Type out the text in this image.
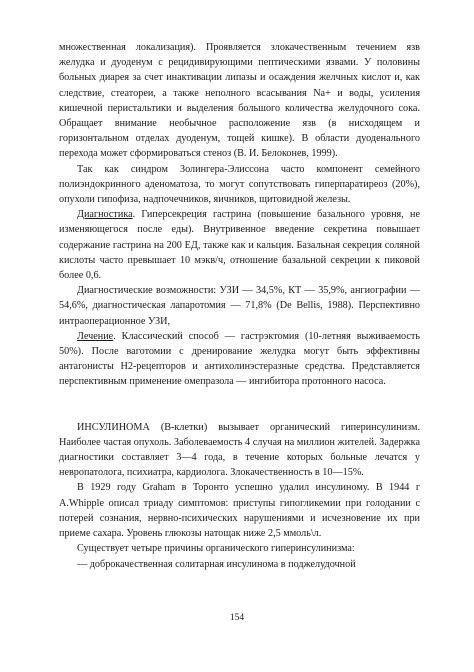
множественная локализация). Проявляется злокачественным течением язв желудка и дуоденум с рецидивирующими пептическими язвами. У половины больных диарея за счет инактивации липазы и осаждения желчных кислот и, как следствие, стеатореи, а также неполного всасывания Na+ и воды, усиления кишечной перистальтики и выделения большого количества желудочного сока. Обращает внимание необычное расположение язв (в нисходящем и горизонтальном отделах дуоденум, тощей кишке). В области дуоденального перехода может сформироваться стеноз (В. И. Белоконев, 1999).

Так как синдром Золингера-Элиссона часто компонент семейного полиэндокринного аденоматоза, то могут сопутствовать гиперпаратиреоз (20%), опухоли гипофиза, надпочечников, яичников, щитовидной железы.

Диагностика. Гиперсекреция гастрина (повышение базального уровня, не изменяющегося после еды). Внутривенное введение секретина повышает содержание гастрина на 200 ЕД, также как и кальция. Базальная секреция соляной кислоты часто превышает 10 мэкв/ч, отношение базальной секреции к пиковой более 0,6.

Диагностические возможности: УЗИ — 34,5%, КТ — 35,9%, ангиографии — 54,6%, диагностическая лапаротомия — 71,8% (De Bellis, 1988). Перспективно интраоперационное УЗИ,

Лечение. Классический способ — гастрэктомия (10-летняя выживаемость 50%). После ваготомии с дренирование желудка могут быть эффективны антагонисты Н2-рецепторов и антихолинэстеразные средства. Представляется перспективным применение омепразола — ингибитора протонного насоса.

ИНСУЛИНОМА (В-клетки) вызывает органический гиперинсулинизм. Наиболее частая опухоль. Заболеваемость 4 случая на миллион жителей. Задержка диагностики составляет 3—4 года, в течение которых больные лечатся у невропатолога, психиатра, кардиолога. Злокачественность в 10—15%.

В 1929 году Graham в Торонто успешно удалил инсулиному. В 1944 г A.Whipple описал триаду симптомов: приступы гипогликемии при голодании с потерей сознания, нервно-психических нарушениями и исчезновение их при приеме сахара. Уровень глюкозы натощак ниже 2,5 ммоль\л.

Существует четыре причины органического гиперинсулинизма:

— доброкачественная солитарная инсулинома в поджелудочной

154
